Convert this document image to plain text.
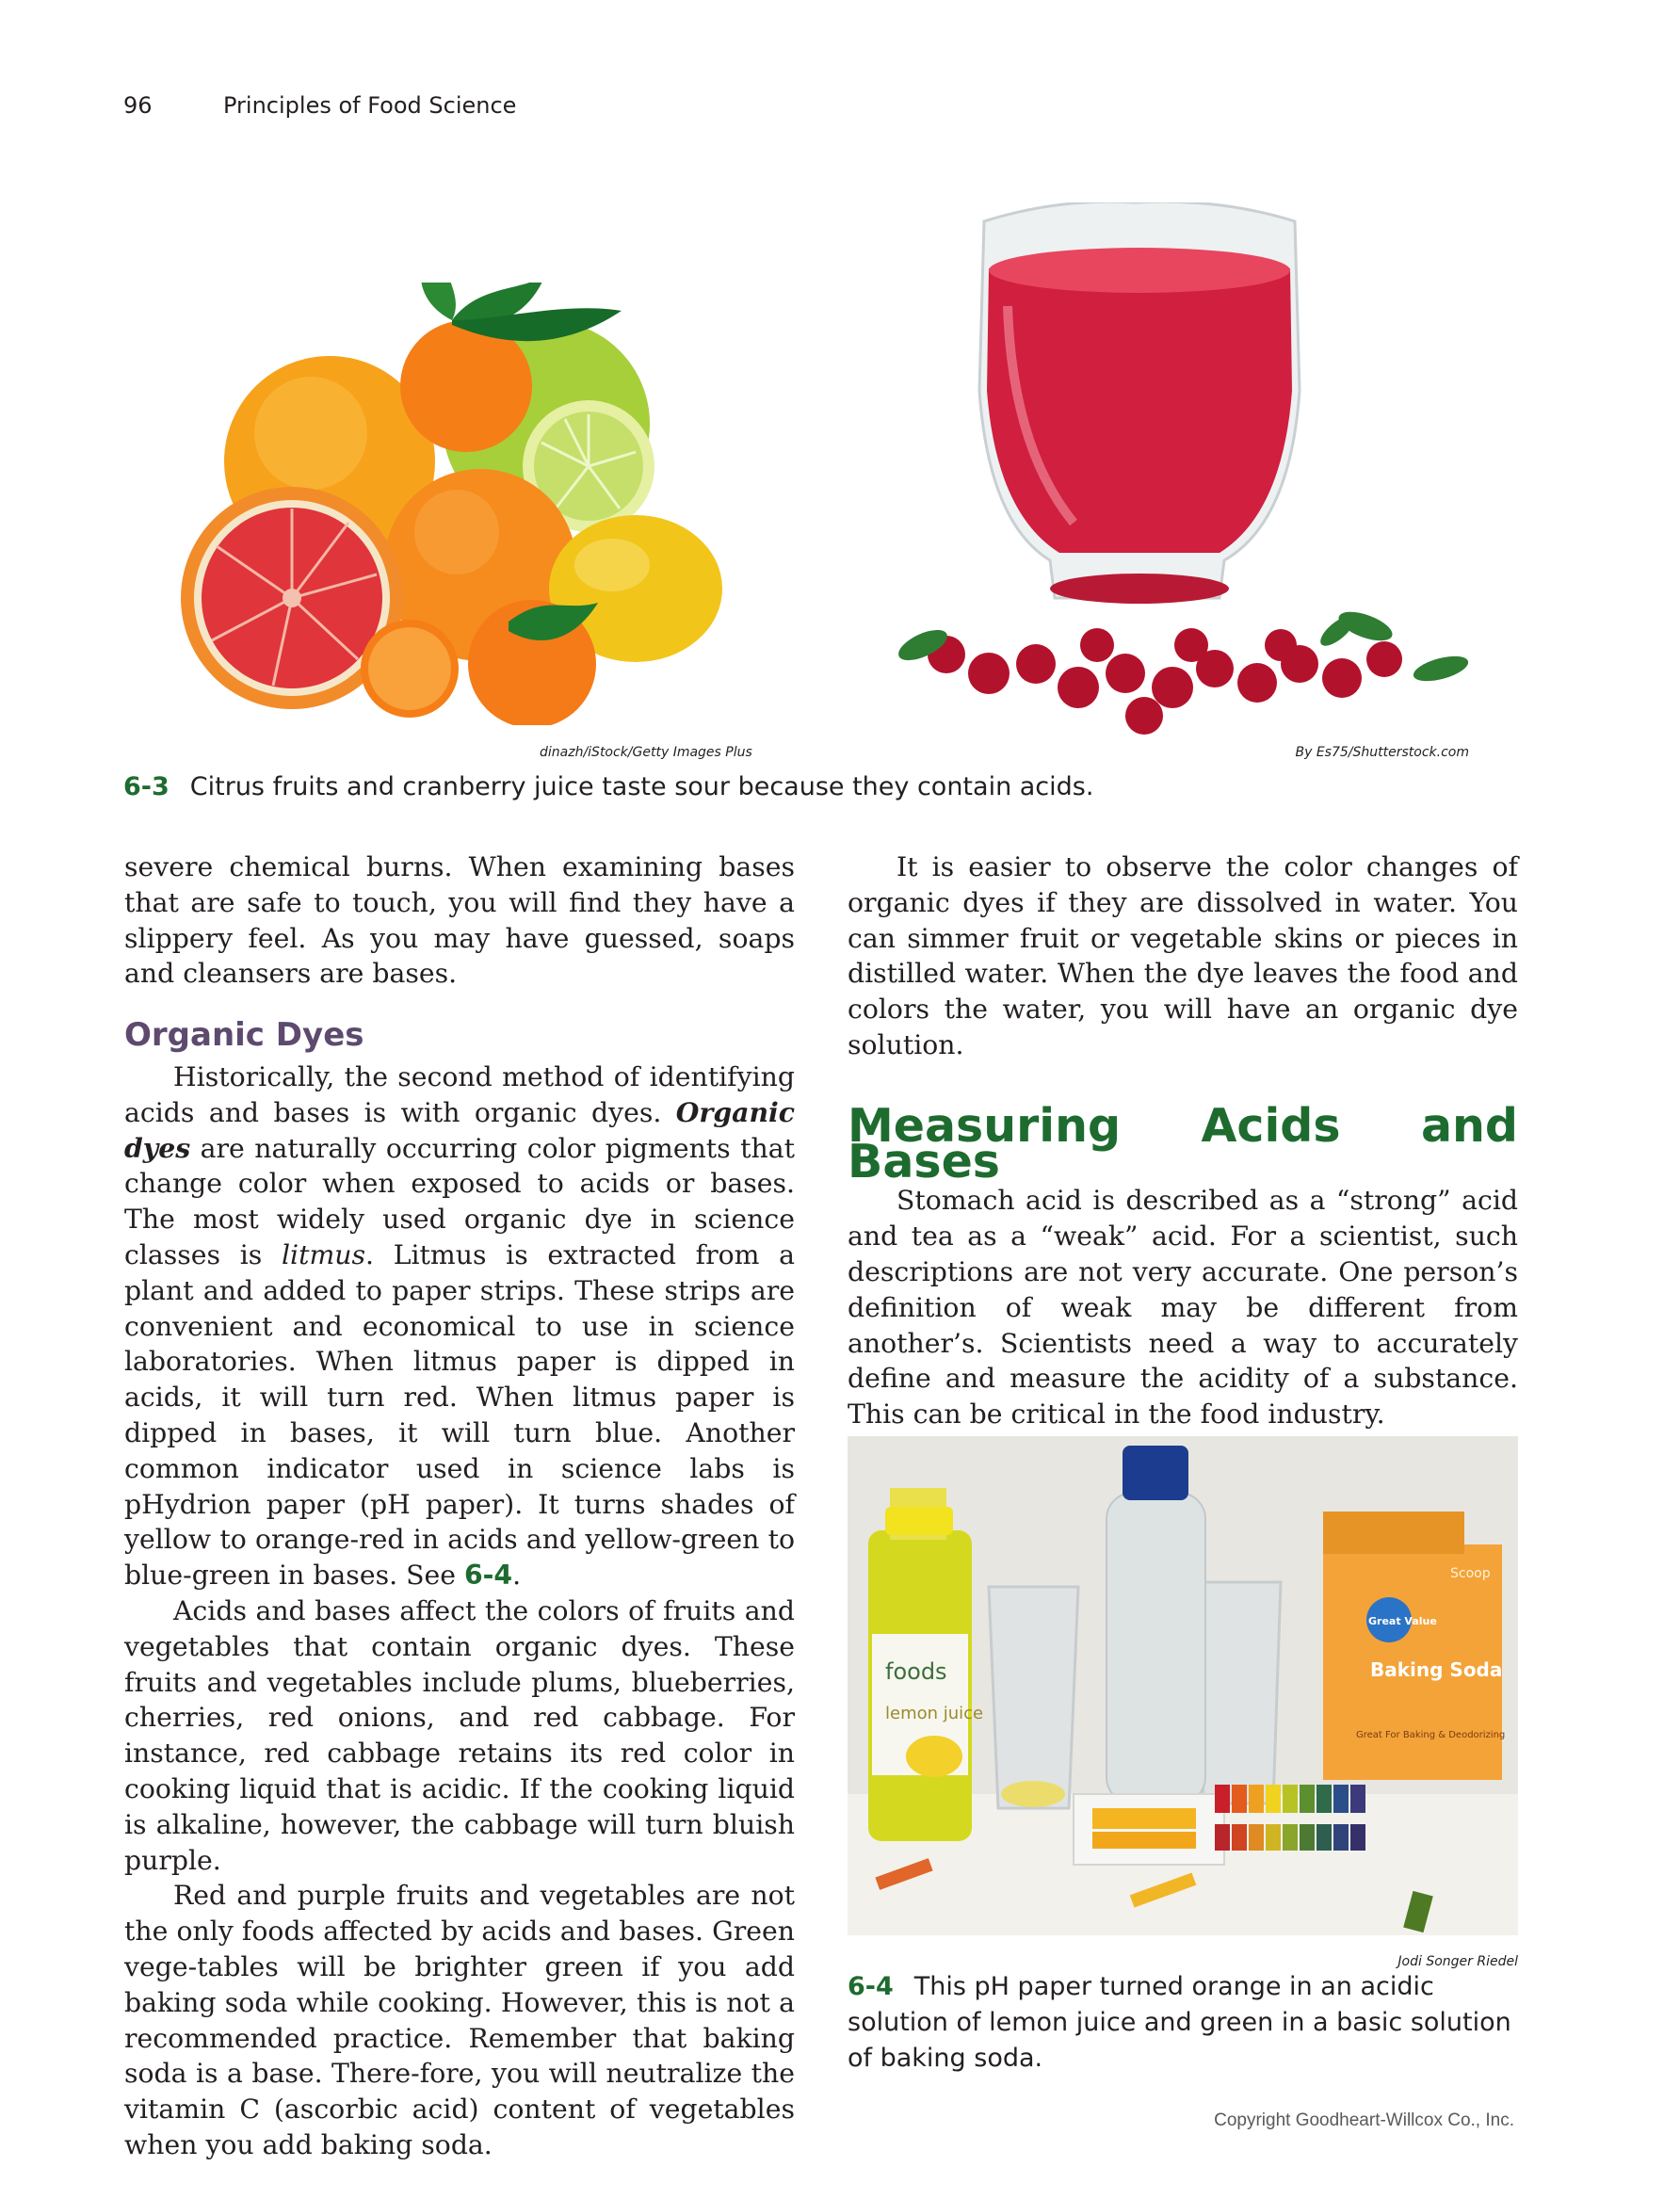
96	Principles of Food Science
dinazh/iStock/Getty Images Plus	By Es75/Shutterstock.com
6-3 Citrus fruits and cranberry juice taste sour because they contain acids.

severe chemical burns. When examining bases that are safe to touch, you will find they have a slippery feel. As you may have guessed, soaps and cleansers are bases.

Organic Dyes

Historically, the second method of identifying acids and bases is with organic dyes. Organic dyes are naturally occurring color pigments that change color when exposed to acids or bases. The most widely used organic dye in science classes is litmus. Litmus is extracted from a plant and added to paper strips. These strips are convenient and economical to use in science laboratories. When litmus paper is dipped in acids, it will turn red. When litmus paper is dipped in bases, it will turn blue. Another common indicator used in science labs is pHydrion paper (pH paper). It turns shades of yellow to orange-red in acids and yellow-green to blue-green in bases. See 6-4.

Acids and bases affect the colors of fruits and vegetables that contain organic dyes. These fruits and vegetables include plums, blueberries, cherries, red onions, and red cabbage. For instance, red cabbage retains its red color in cooking liquid that is acidic. If the cooking liquid is alkaline, however, the cabbage will turn bluish purple.

Red and purple fruits and vegetables are not the only foods affected by acids and bases. Green vege-tables will be brighter green if you add baking soda while cooking. However, this is not a recommended practice. Remember that baking soda is a base. There-fore, you will neutralize the vitamin C (ascorbic acid) content of vegetables when you add baking soda.

It is easier to observe the color changes of organic dyes if they are dissolved in water. You can simmer fruit or vegetable skins or pieces in distilled water. When the dye leaves the food and colors the water, you will have an organic dye solution.

Measuring Acids and Bases

Stomach acid is described as a “strong” acid and tea as a “weak” acid. For a scientist, such descriptions are not very accurate. One person’s definition of weak may be different from another’s. Scientists need a way to accurately define and measure the acidity of a substance. This can be critical in the food industry.

foods
lemon juice
Great Value
Baking Soda
Scoop
Great For Baking & Deodorizing
Jodi Songer Riedel
6-4 This pH paper turned orange in an acidic solution of lemon juice and green in a basic solution of baking soda.
Copyright Goodheart-Willcox Co., Inc.
